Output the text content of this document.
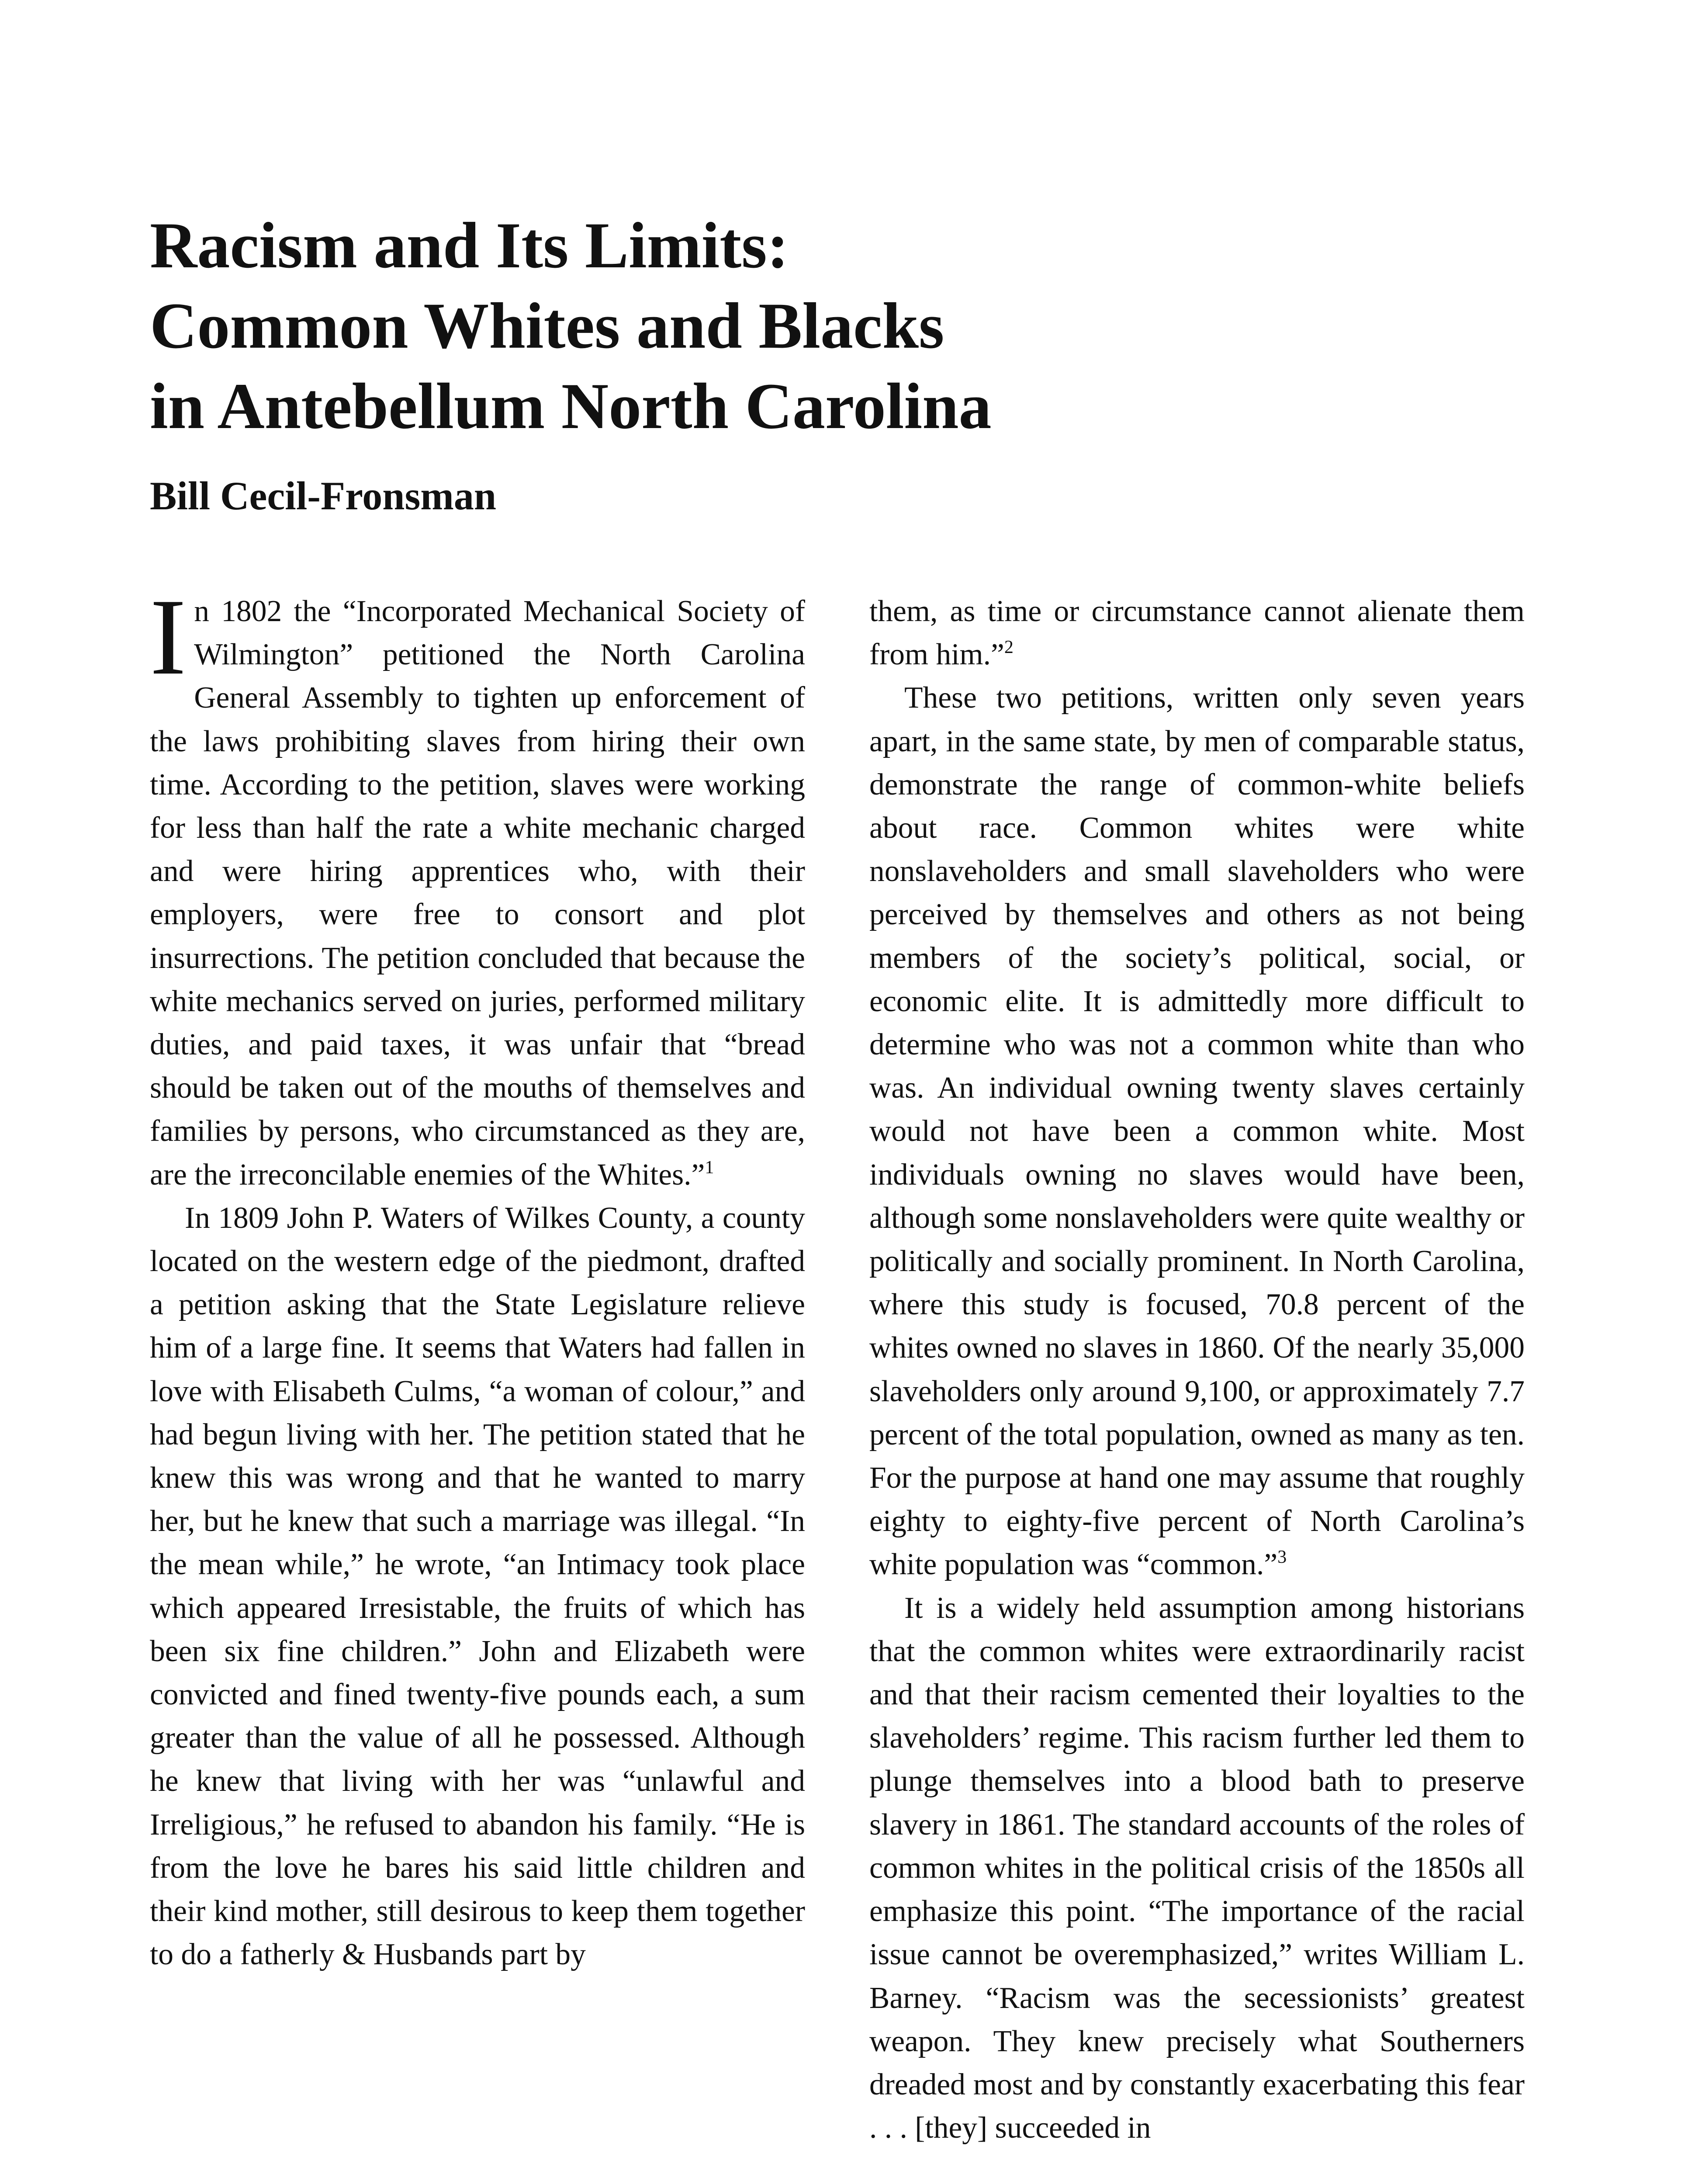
Racism and Its Limits:
Common Whites and Blacks
in Antebellum North Carolina
Bill Cecil-Fronsman

In 1802 the “Incorporated Mechanical Society of Wilmington” petitioned the North Carolina General Assembly to tighten up enforcement of the laws prohibiting slaves from hiring their own time. According to the petition, slaves were working for less than half the rate a white mechanic charged and were hiring apprentices who, with their employers, were free to consort and plot insurrections. The petition concluded that because the white mechanics served on juries, performed military duties, and paid taxes, it was unfair that “bread should be taken out of the mouths of themselves and families by persons, who circumstanced as they are, are the irreconcilable enemies of the Whites.”$^1$

In 1809 John P. Waters of Wilkes County, a county located on the western edge of the piedmont, drafted a petition asking that the State Legislature relieve him of a large fine. It seems that Waters had fallen in love with Elisabeth Culms, “a woman of colour,” and had begun living with her. The petition stated that he knew this was wrong and that he wanted to marry her, but he knew that such a marriage was illegal. “In the mean while,” he wrote, “an Intimacy took place which appeared Irresistable, the fruits of which has been six fine children.” John and Elizabeth were convicted and fined twenty-five pounds each, a sum greater than the value of all he possessed. Although he knew that living with her was “unlawful and Irreligious,” he refused to abandon his family. “He is from the love he bares his said little children and their kind mother, still desirous to keep them together to do a fatherly & Husbands part by

them, as time or circumstance cannot alienate them from him.”$^2$

These two petitions, written only seven years apart, in the same state, by men of comparable status, demonstrate the range of common-white beliefs about race. Common whites were white nonslaveholders and small slaveholders who were perceived by themselves and others as not being members of the society’s political, social, or economic elite. It is admittedly more difficult to determine who was not a common white than who was. An individual owning twenty slaves certainly would not have been a common white. Most individuals owning no slaves would have been, although some nonslaveholders were quite wealthy or politically and socially prominent. In North Carolina, where this study is focused, 70.8 percent of the whites owned no slaves in 1860. Of the nearly 35,000 slaveholders only around 9,100, or approximately 7.7 percent of the total population, owned as many as ten. For the purpose at hand one may assume that roughly eighty to eighty-five percent of North Carolina’s white population was “common.”$^3$

It is a widely held assumption among historians that the common whites were extraordinarily racist and that their racism cemented their loyalties to the slaveholders’ regime. This racism further led them to plunge themselves into a blood bath to preserve slavery in 1861. The standard accounts of the roles of common whites in the political crisis of the 1850s all emphasize this point. “The importance of the racial issue cannot be overemphasized,” writes William L. Barney. “Racism was the secessionists’ greatest weapon. They knew precisely what Southerners dreaded most and by constantly exacerbating this fear . . . [they] succeeded in
